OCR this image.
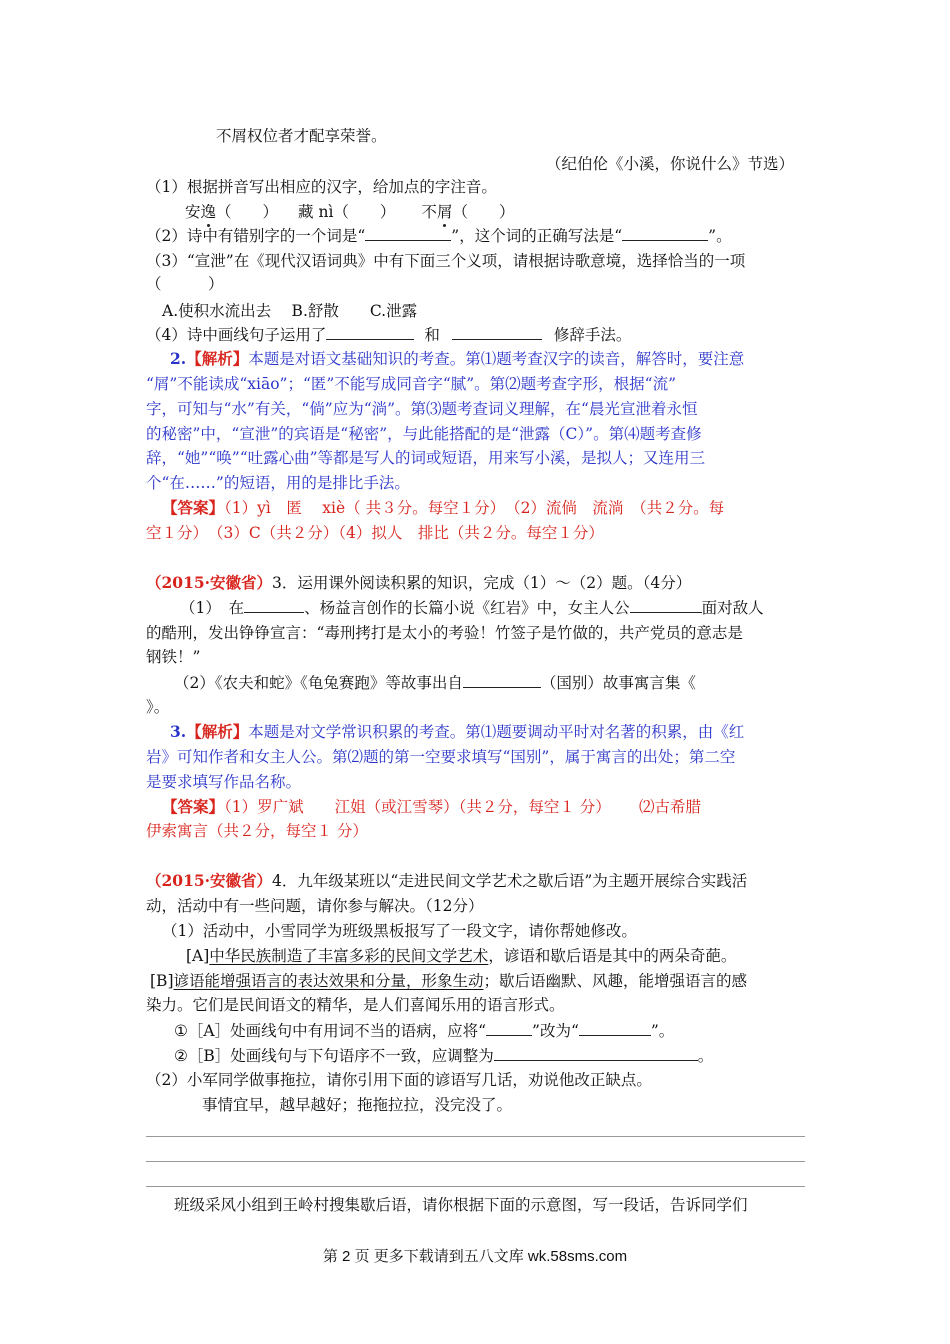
不屑权位者才配享荣誉。
（纪伯伦《小溪，你说什么》节选）
（1）根据拼音写出相应的汉字，给加点的字注音。
安逸（　　） 藏 nì（　　） 不屑（　　）
（2）诗中有错别字的一个词是“	”，这个词的正确写法是“	”。
（3）“宣泄”在《现代汉语词典》中有下面三个义项，请根据诗歌意境，选择恰当的一项
（　　　）
A.使积水流出去　 B.舒散　　C.泄露
（4）诗中画线句子运用了	和	修辞手法。
2.【解析】本题是对语文基础知识的考查。第⑴题考查汉字的读音，解答时，要注意
“屑”不能读成“xiāo”；“匿”不能写成同音字“腻”。第⑵题考查字形，根据“流”
字，可知与“水”有关，“倘”应为“淌”。第⑶题考查词义理解，在“晨光宣泄着永恒
的秘密”中，“宣泄”的宾语是“秘密”，与此能搭配的是“泄露（C）”。第⑷题考查修
辞，“她”“唤”“吐露心曲”等都是写人的词或短语，用来写小溪，是拟人；又连用三
个“在……”的短语，用的是排比手法。
【答案】（1）yì　匿　 xiè（ 共３分。每空１分）　（2）流倘　流淌　（共２分。每
空１分）　（3）C（共２分）（4）拟人　排比（共２分。每空１分）
（2015·安徽省）3．运用课外阅读积累的知识，完成（1）～（2）题。（4分）
（1）　在	、杨益言创作的长篇小说《红岩》中，女主人公	面对敌人
的酷刑，发出铮铮宣言：“毒刑拷打是太小的考验！竹签子是竹做的，共产党员的意志是
钢铁！”
（2）《农夫和蛇》《龟兔赛跑》等故事出自	（国别）故事寓言集《
》。
3.【解析】本题是对文学常识积累的考查。第⑴题要调动平时对名著的积累，由《红
岩》可知作者和女主人公。第⑵题的第一空要求填写“国别”，属于寓言的出处；第二空
是要求填写作品名称。
【答案】（1）罗广斌　　江姐（或江雪琴）（共２分，每空１ 分）　　 ⑵古希腊
伊索寓言（共２分，每空１ 分）
（2015·安徽省）4．九年级某班以“走进民间文学艺术之歇后语”为主题开展综合实践活
动，活动中有一些问题，请你参与解决。（12分）
（1）活动中，小雪同学为班级黑板报写了一段文字，请你帮她修改。
[A]中华民族制造了丰富多彩的民间文学艺术，谚语和歇后语是其中的两朵奇葩。
[B]谚语能增强语言的表达效果和分量，形象生动；歇后语幽默、风趣，能增强语言的感
染力。它们是民间语文的精华，是人们喜闻乐用的语言形式。
①［A］处画线句中有用词不当的语病，应将“	”改为“	”。
②［B］处画线句与下句语序不一致，应调整为	。
（2）小军同学做事拖拉，请你引用下面的谚语写几话，劝说他改正缺点。
事情宜早，越早越好；拖拖拉拉，没完没了。
班级采风小组到王岭村搜集歇后语，请你根据下面的示意图，写一段话，告诉同学们
第 2 页 更多下载请到五八文库 wk.58sms.com
